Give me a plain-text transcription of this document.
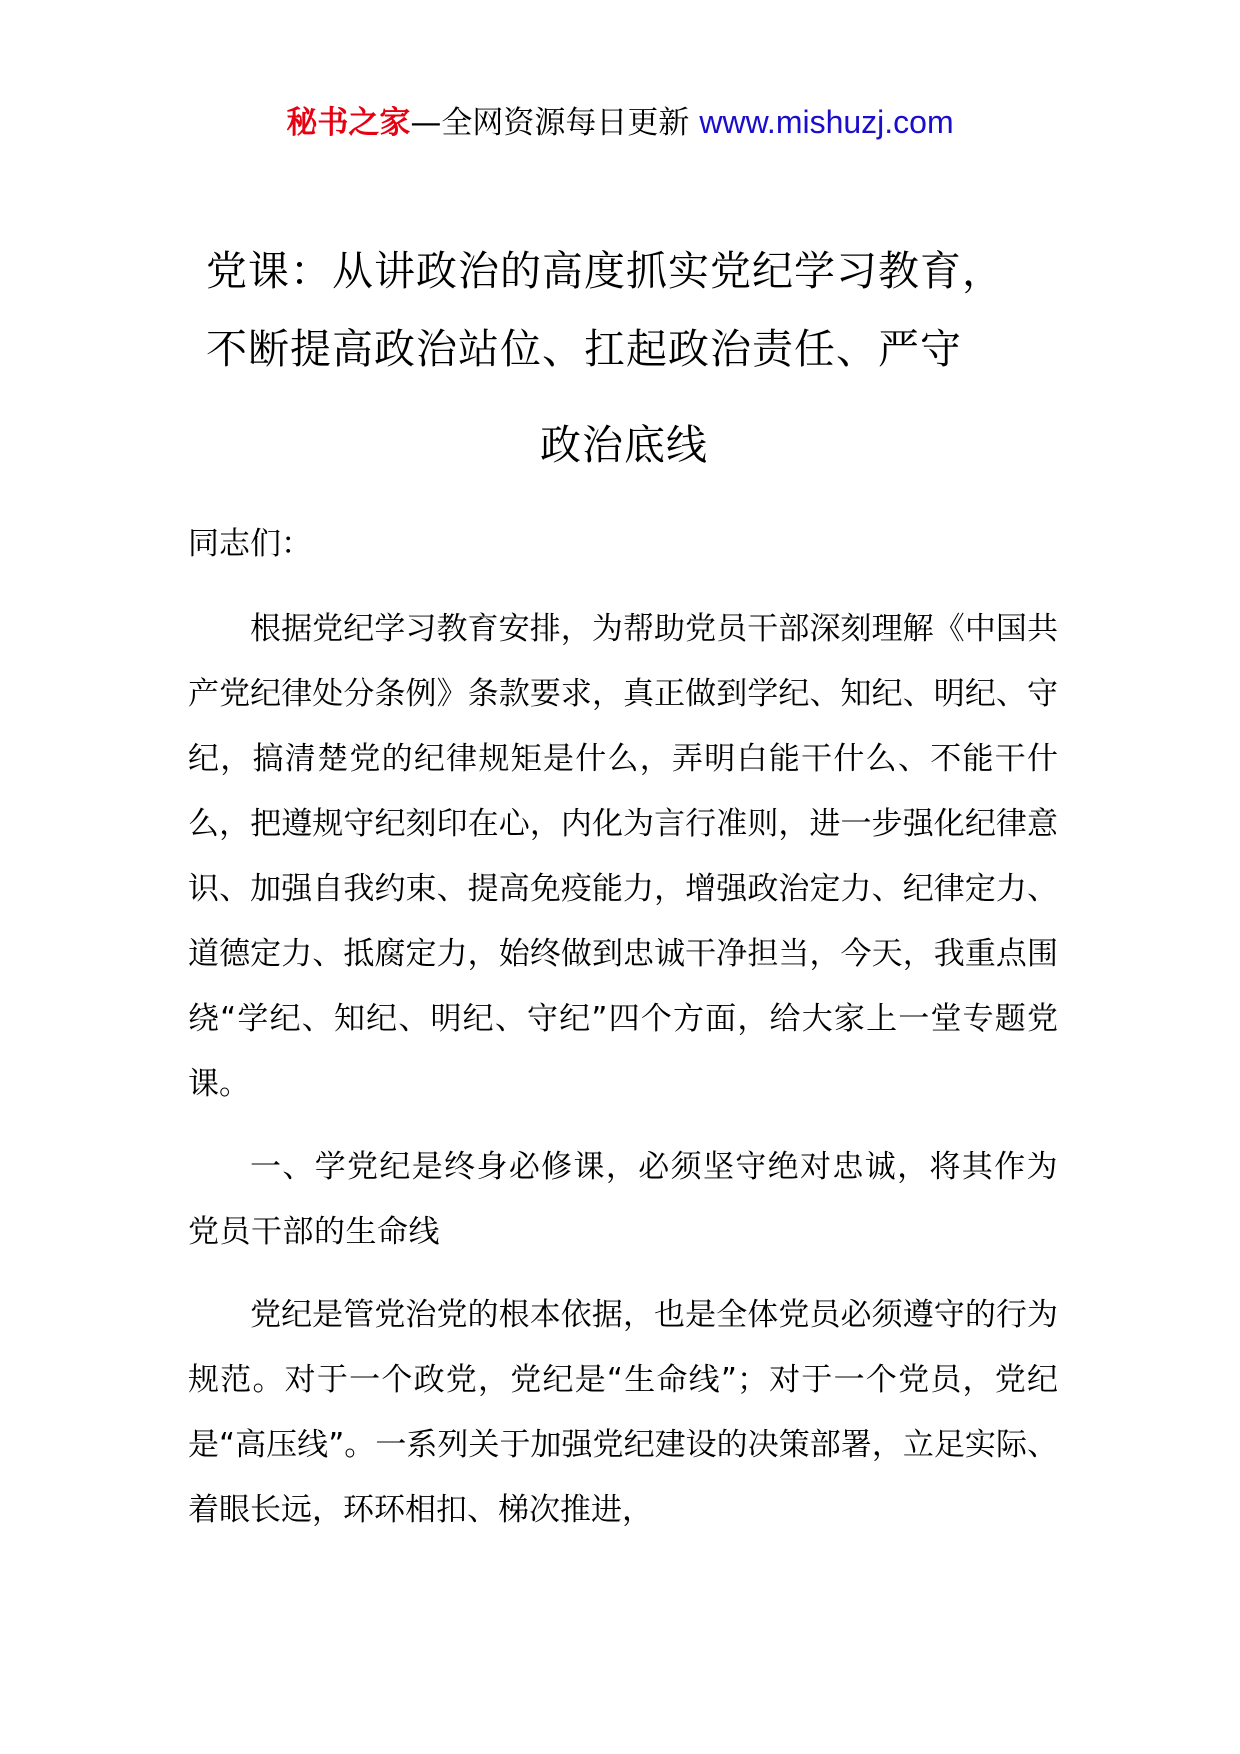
秘书之家—全网资源每日更新 www.mishuzj.com
党课：从讲政治的高度抓实党纪学习教育，
不断提高政治站位、扛起政治责任、严守
政治底线

同志们：

根据党纪学习教育安排，为帮助党员干部深刻理解《中国共产党纪律处分条例》条款要求，真正做到学纪、知纪、明纪、守纪，搞清楚党的纪律规矩是什么，弄明白能干什么、不能干什么，把遵规守纪刻印在心，内化为言行准则，进一步强化纪律意识、加强自我约束、提高免疫能力，增强政治定力、纪律定力、道德定力、抵腐定力，始终做到忠诚干净担当，今天，我重点围绕“学纪、知纪、明纪、守纪”四个方面，给大家上一堂专题党课。

一、学党纪是终身必修课，必须坚守绝对忠诚，将其作为党员干部的生命线

党纪是管党治党的根本依据，也是全体党员必须遵守的行为规范。对于一个政党，党纪是“生命线”；对于一个党员，党纪是“高压线”。一系列关于加强党纪建设的决策部署，立足实际、着眼长远，环环相扣、梯次推进，
